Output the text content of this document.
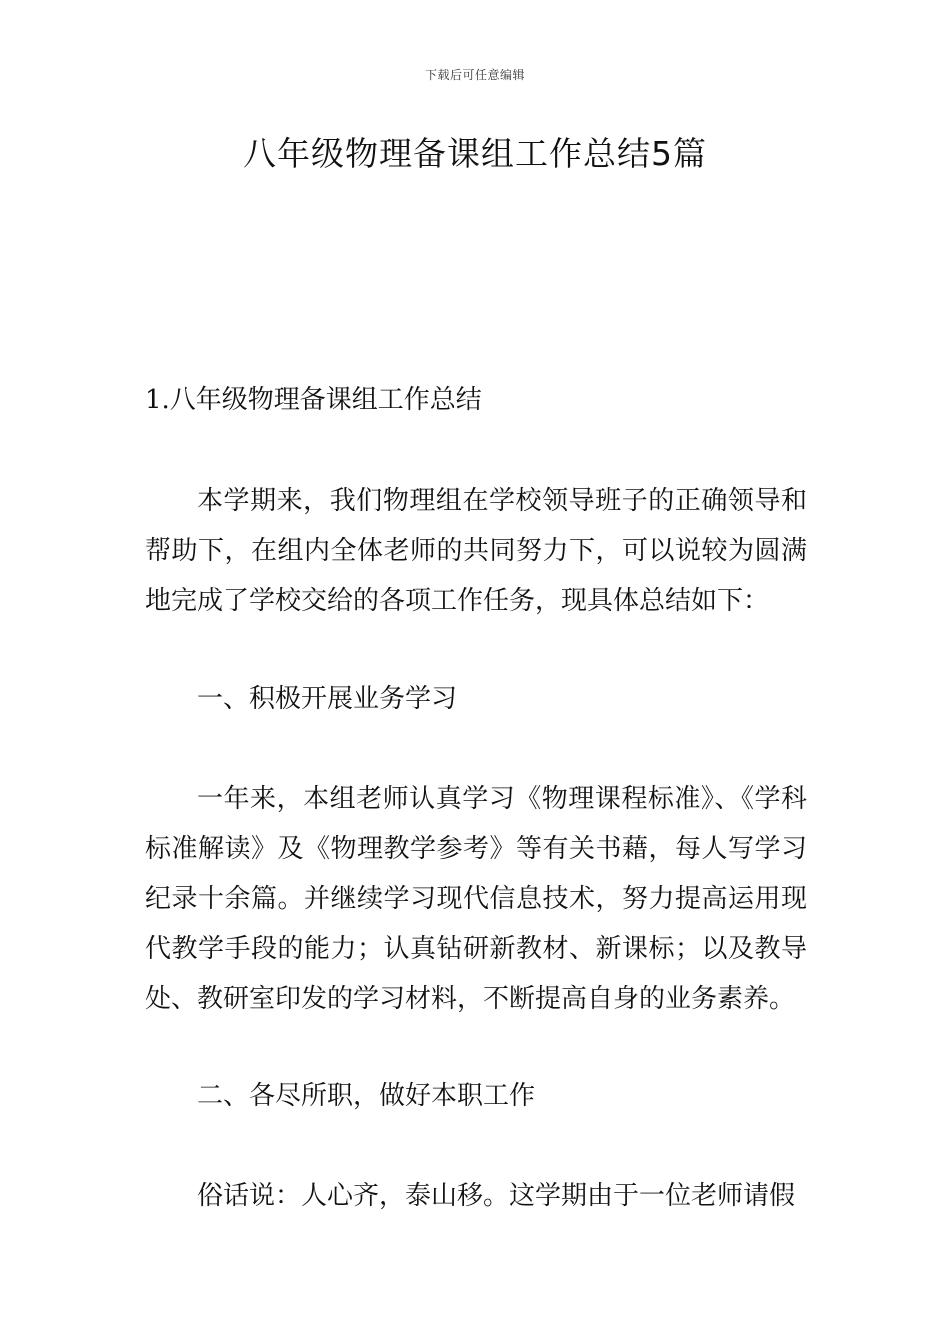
下载后可任意编辑
八年级物理备课组工作总结5篇
1.八年级物理备课组工作总结
本学期来，我们物理组在学校领导班子的正确领导和帮助下，在组内全体老师的共同努力下，可以说较为圆满地完成了学校交给的各项工作任务，现具体总结如下：
一、积极开展业务学习
一年来，本组老师认真学习《物理课程标准》、《学科标准解读》及《物理教学参考》等有关书藉，每人写学习纪录十余篇。并继续学习现代信息技术，努力提高运用现代教学手段的能力；认真钻研新教材、新课标；以及教导处、教研室印发的学习材料，不断提高自身的业务素养。
二、各尽所职，做好本职工作
俗话说：人心齐，泰山移。这学期由于一位老师请假
